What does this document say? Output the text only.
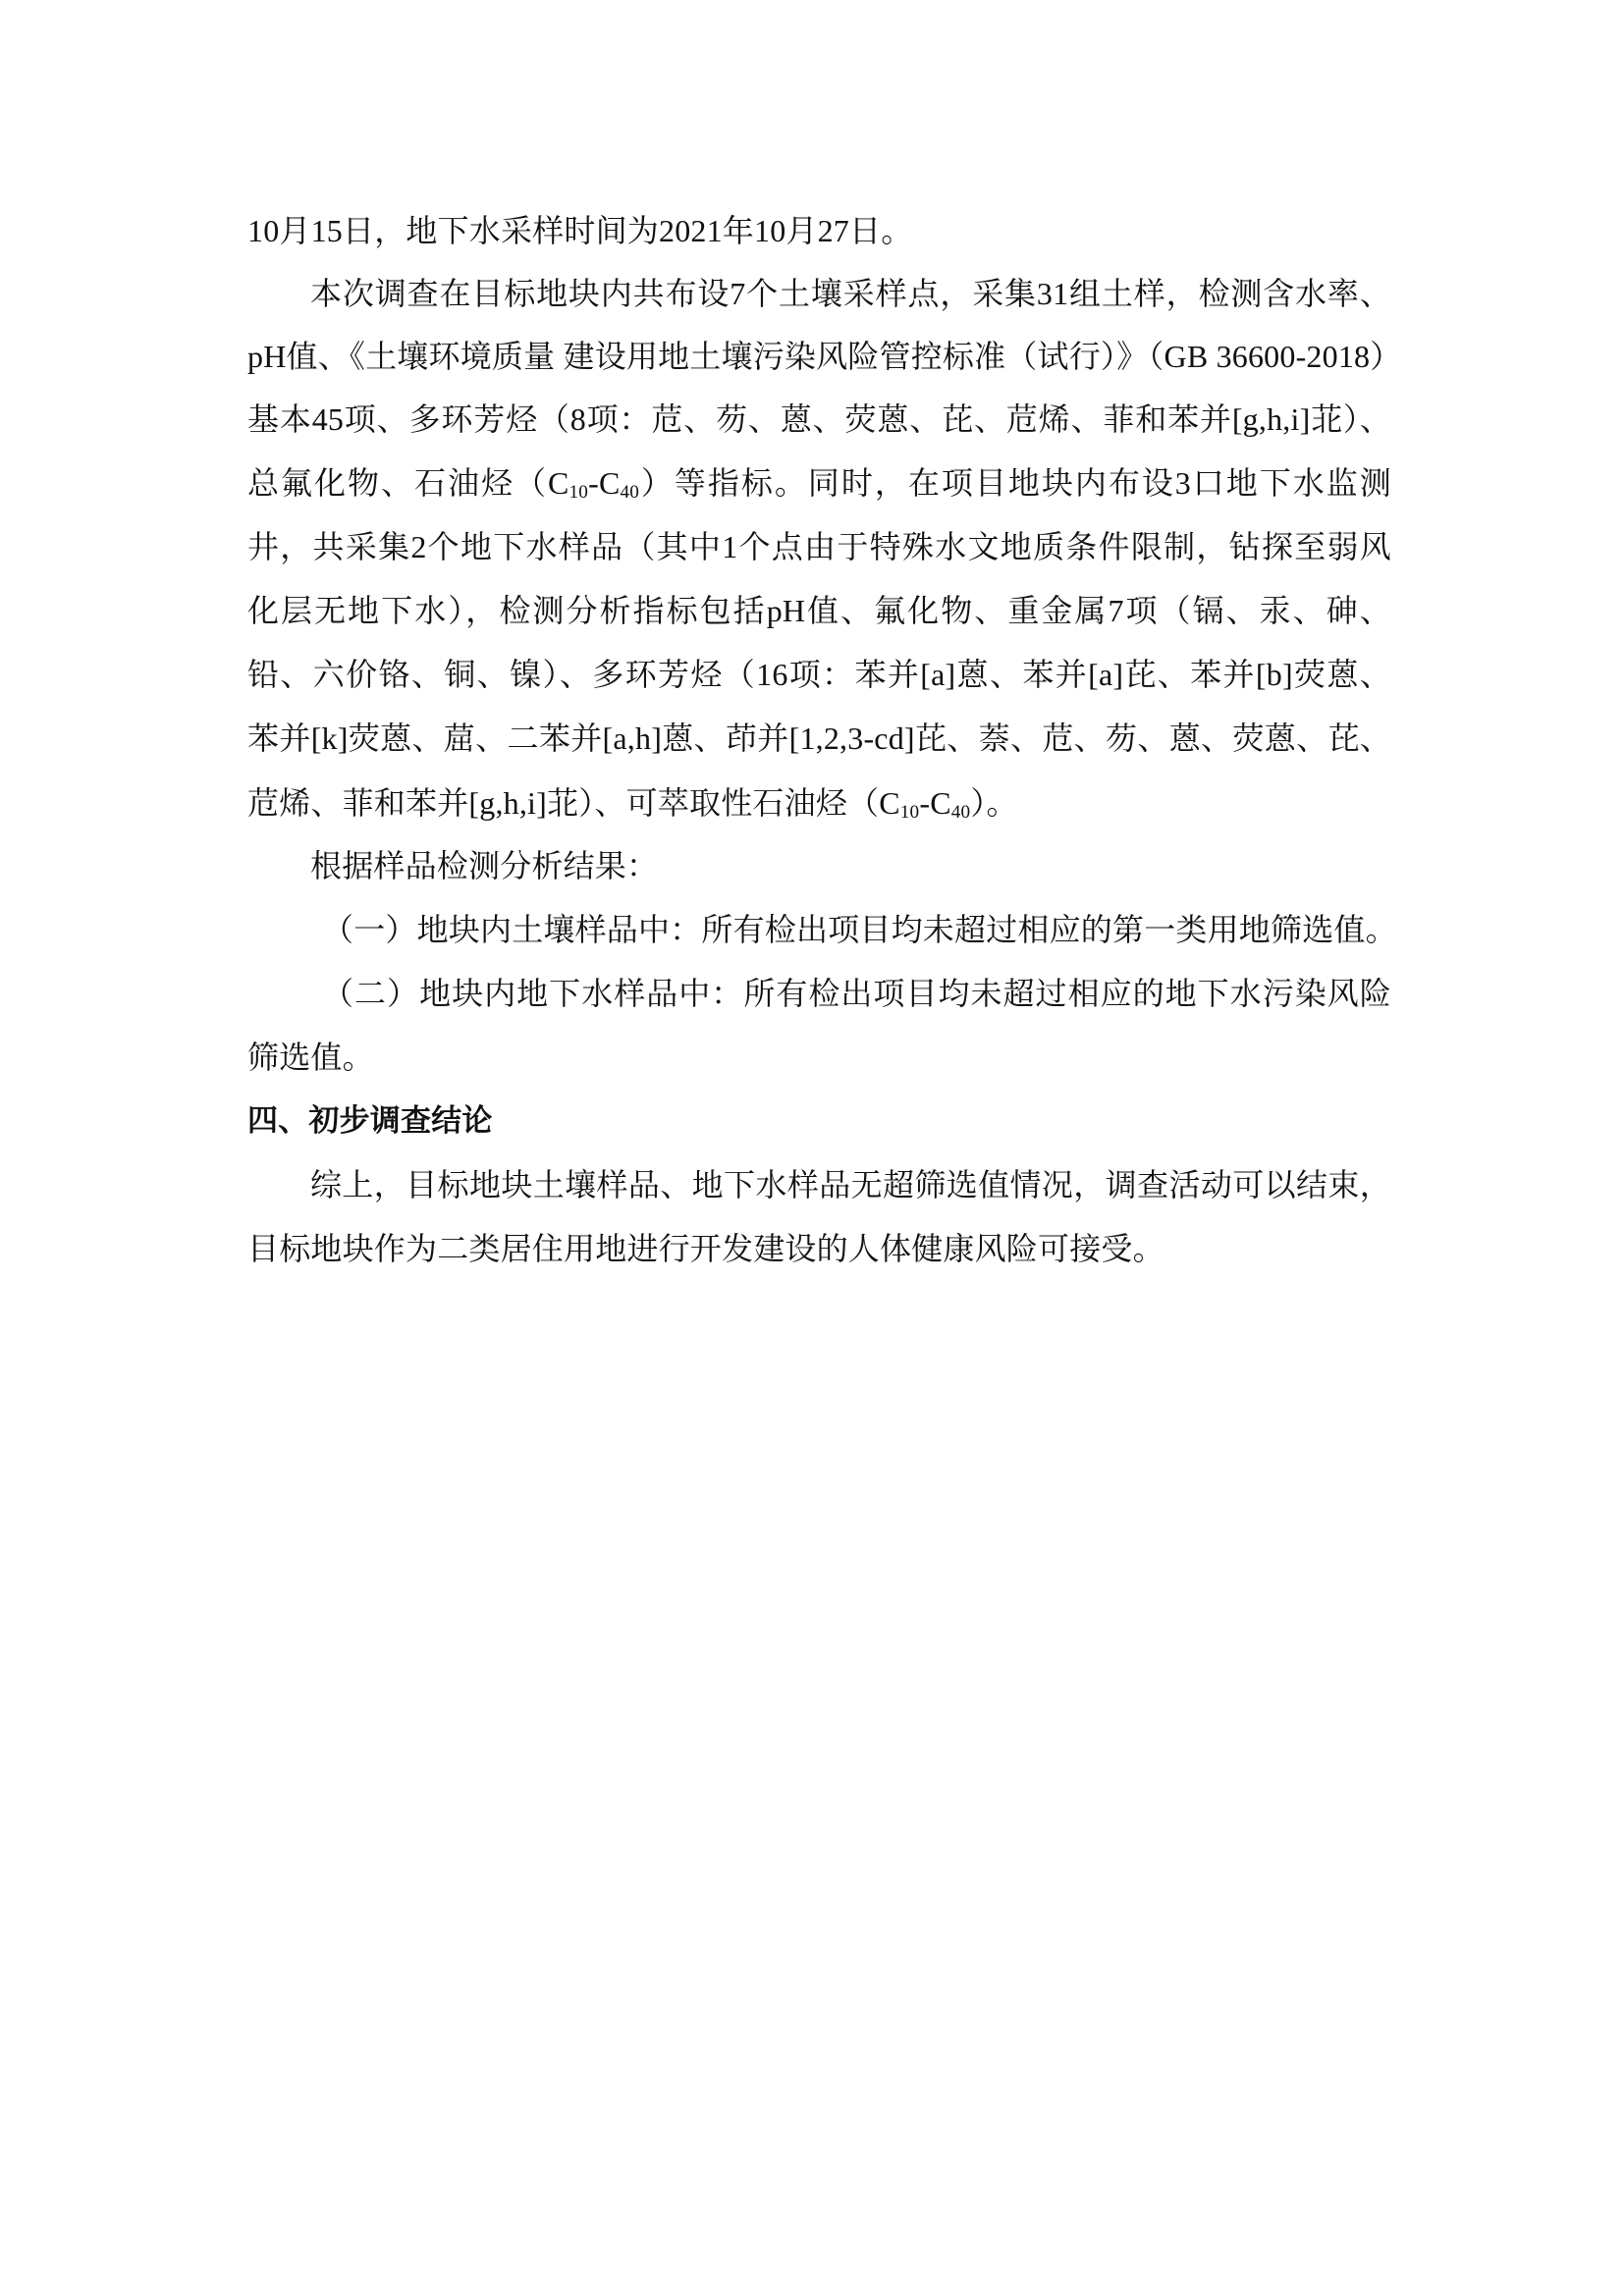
10月15日，地下水采样时间为2021年10月27日。
本次调查在目标地块内共布设7个土壤采样点，采集31组土样，检测含水率、
pH值、《土壤环境质量 建设用地土壤污染风险管控标准（试行）》（GB 36600-2018）
基本45项、多环芳烃（8项：苊、芴、蒽、荧蒽、芘、苊烯、菲和苯并[g,h,i]苝）、
总氟化物、石油烃$(C_{10}-C_{40})$等指标。同时，在项目地块内布设3口地下水监测
井，共采集2个地下水样品（其中1个点由于特殊水文地质条件限制，钻探至弱风
化层无地下水），检测分析指标包括pH值、氟化物、重金属7项（镉、汞、砷、
铅、六价铬、铜、镍）、多环芳烃（16项：苯并[a]蒽、苯并[a]芘、苯并[b]荧蒽、
苯并[k]荧蒽、䓛、二苯并[a,h]蒽、茚并[1,2,3-cd]芘、萘、苊、芴、蒽、荧蒽、芘、
苊烯、菲和苯并[g,h,i]苝）、可萃取性石油烃$(C_{10}-C_{40})$。
根据样品检测分析结果：
（一）地块内土壤样品中：所有检出项目均未超过相应的第一类用地筛选值。
（二）地块内地下水样品中：所有检出项目均未超过相应的地下水污染风险
筛选值。
四、初步调查结论
综上，目标地块土壤样品、地下水样品无超筛选值情况，调查活动可以结束，
目标地块作为二类居住用地进行开发建设的人体健康风险可接受。
